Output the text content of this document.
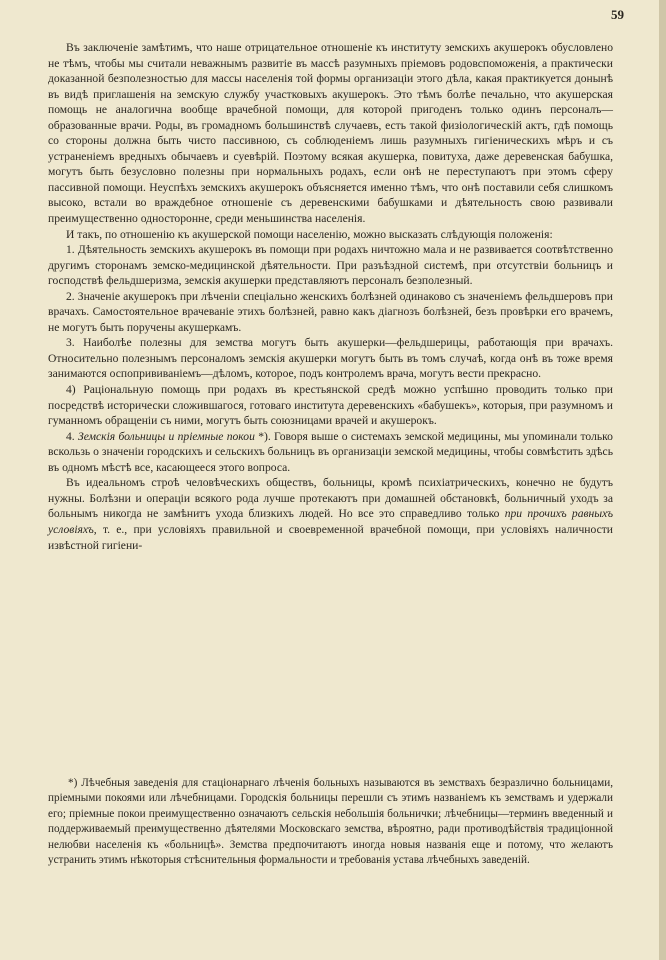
59

Въ заключеніе замѣтимъ, что наше отрицательное отношеніе къ институту земскихъ акушерокъ обусловлено не тѣмъ, чтобы мы считали неважнымъ развитіе въ массѣ разумныхъ пріемовъ родовспоможенія, а практически доказанной безполезностью для массы населенія той формы организаціи этого дѣла, какая практикуется донынѣ въ видѣ приглашенія на земскую службу участковыхъ акушерокъ. Это тѣмъ болѣе печально, что акушерская помощь не аналогична вообще врачебной помощи, для которой пригоденъ только одинъ персоналъ—образованные врачи. Роды, въ громадномъ большинствѣ случаевъ, есть такой физіологическій актъ, гдѣ помощь со стороны должна быть чисто пассивною, съ соблюденіемъ лишь разумныхъ гигіеническихъ мѣръ и съ устраненіемъ вредныхъ обычаевъ и суевѣрій. Поэтому всякая акушерка, повитуха, даже деревенская бабушка, могутъ быть безусловно полезны при нормальныхъ родахъ, если онѣ не переступаютъ при этомъ сферу пассивной помощи. Неуспѣхъ земскихъ акушерокъ объясняется именно тѣмъ, что онѣ поставили себя слишкомъ высоко, встали во враждебное отношеніе съ деревенскими бабушками и дѣятельность свою развивали преимущественно односторонне, среди меньшинства населенія.

И такъ, по отношенію къ акушерской помощи населенію, можно высказать слѣдующія положенія:

1. Дѣятельность земскихъ акушерокъ въ помощи при родахъ ничтожно мала и не развивается соотвѣтственно другимъ сторонамъ земско-медицинской дѣятельности. При разъѣздной системѣ, при отсутствіи больницъ и господствѣ фельдшеризма, земскія акушерки представляютъ персоналъ безполезный.

2. Значеніе акушерокъ при лѣченіи спеціально женскихъ болѣзней одинаково съ значеніемъ фельдшеровъ при врачахъ. Самостоятельное врачеваніе этихъ болѣзней, равно какъ діагнозъ болѣзней, безъ провѣрки его врачемъ, не могутъ быть поручены акушеркамъ.

3. Наиболѣе полезны для земства могутъ быть акушерки—фельдшерицы, работающія при врачахъ. Относительно полезнымъ персоналомъ земскія акушерки могутъ быть въ томъ случаѣ, когда онѣ въ тоже время занимаются оспопрививаніемъ—дѣломъ, которое, подъ контролемъ врача, могутъ вести прекрасно.

4) Раціональную помощь при родахъ въ крестьянской средѣ можно успѣшно проводить только при посредствѣ исторически сложившагося, готоваго института деревенскихъ «бабушекъ», которыя, при разумномъ и гуманномъ обращеніи съ ними, могутъ быть союзницами врачей и акушерокъ.

4. Земскія больницы и пріемные покои *). Говоря выше о системахъ земской медицины, мы упоминали только вскользь о значеніи городскихъ и сельскихъ больницъ въ организаціи земской медицины, чтобы совмѣстить здѣсь въ одномъ мѣстѣ все, касающееся этого вопроса.

Въ идеальномъ строѣ человѣческихъ обществъ, больницы, кромѣ психіатрическихъ, конечно не будутъ нужны. Болѣзни и операціи всякого рода лучше протекаютъ при домашней обстановкѣ, больничный уходъ за больнымъ никогда не замѣнитъ ухода близкихъ людей. Но все это справедливо только при прочихъ равныхъ условіяхъ, т. е., при условіяхъ правильной и своевременной врачебной помощи, при условіяхъ наличности извѣстной гигіени-

*) Лѣчебныя заведенія для стаціонарнаго лѣченія больныхъ называются въ земствахъ безразлично больницами, пріемными покоями или лѣчебницами. Городскія больницы перешли съ этимъ названіемъ къ земствамъ и удержали его; пріемные покои преимущественно означаютъ сельскія небольшія больнички; лѣчебницы—терминъ введенный и поддерживаемый преимущественно дѣятелями Московскаго земства, вѣроятно, ради противодѣйствія традиціонной нелюбви населенія къ «больницѣ». Земства предпочитаютъ иногда новыя названія еще и потому, что желаютъ устранить этимъ нѣкоторыя стѣснительныя формальности и требованія устава лѣчебныхъ заведеній.
